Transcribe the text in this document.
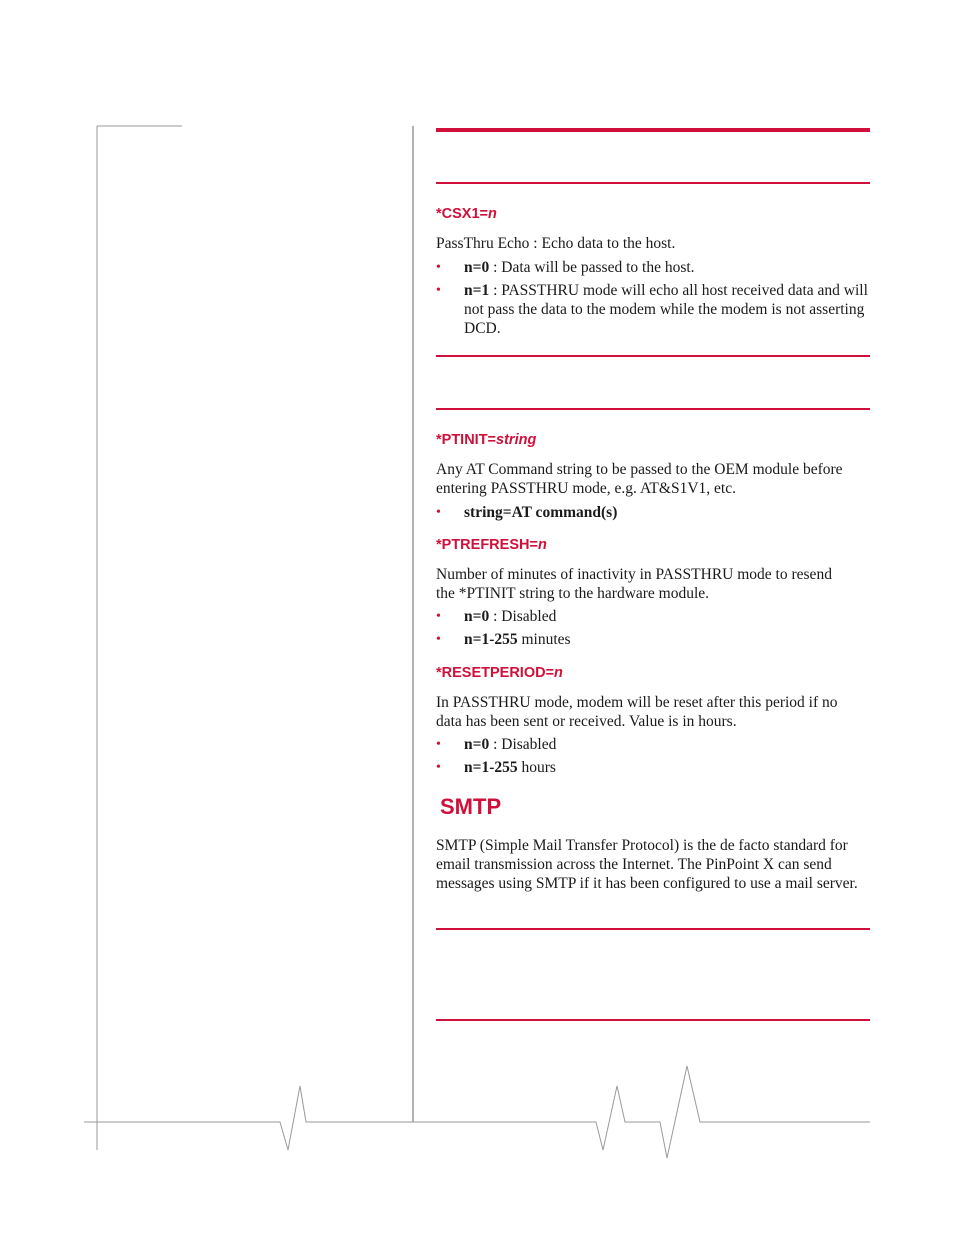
*CSX1=n

PassThru Echo : Echo data to the host.

• n=0 : Data will be passed to the host.
• n=1 : PASSTHRU mode will echo all host received data and will not pass the data to the modem while the modem is not asserting DCD.
*PTINIT=string

Any AT Command string to be passed to the OEM module before entering PASSTHRU mode, e.g. AT&S1V1, etc.

• string=AT command(s)
*PTREFRESH=n

Number of minutes of inactivity in PASSTHRU mode to resend the *PTINIT string to the hardware module.

• n=0 : Disabled
• n=1-255 minutes
*RESETPERIOD=n

In PASSTHRU mode, modem will be reset after this period if no data has been sent or received. Value is in hours.

• n=0 : Disabled
• n=1-255 hours
SMTP

SMTP (Simple Mail Transfer Protocol) is the de facto standard for email transmission across the Internet. The PinPoint X can send messages using SMTP if it has been configured to use a mail server.
